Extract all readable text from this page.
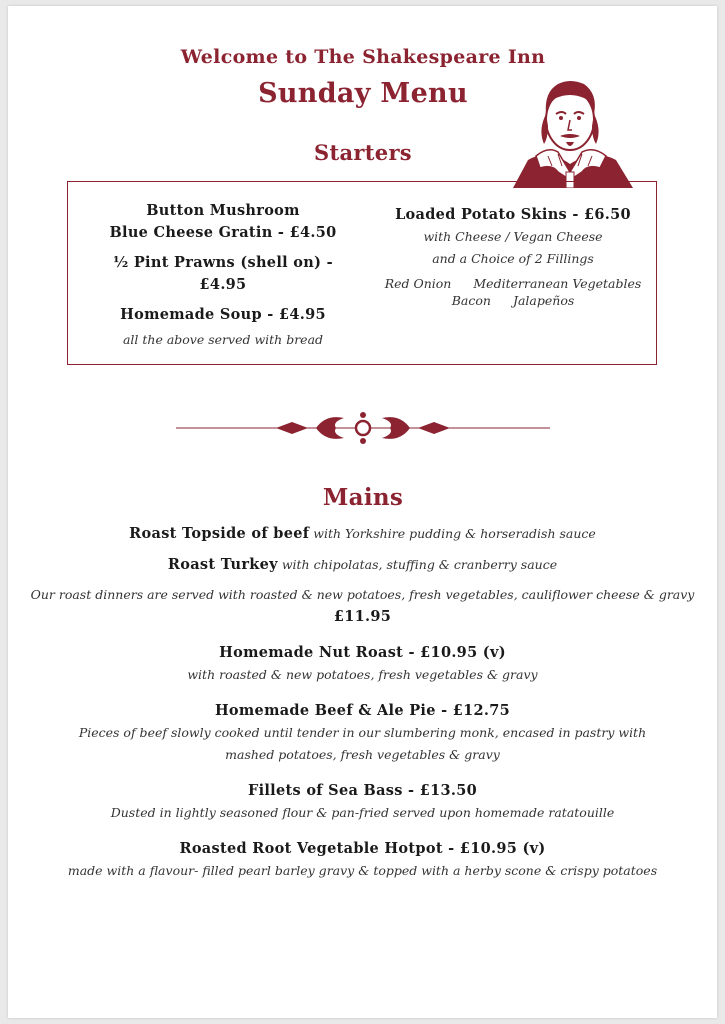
Welcome to The Shakespeare Inn
Sunday Menu
Starters
Button Mushroom
Blue Cheese Gratin - £4.50
½ Pint Prawns (shell on) - £4.95
Homemade Soup - £4.95
all the above served with bread
Loaded Potato Skins - £6.50
with Cheese / Vegan Cheese
and a Choice of 2 Fillings
Red Onion Mediterranean Vegetables
Bacon Jalapeños
Mains
Roast Topside of beef with Yorkshire pudding & horseradish sauce
Roast Turkey with chipolatas, stuffing & cranberry sauce
Our roast dinners are served with roasted & new potatoes, fresh vegetables, cauliflower cheese & gravy
£11.95
Homemade Nut Roast - £10.95 (v)
with roasted & new potatoes, fresh vegetables & gravy
Homemade Beef & Ale Pie - £12.75
Pieces of beef slowly cooked until tender in our slumbering monk, encased in pastry with
mashed potatoes, fresh vegetables & gravy
Fillets of Sea Bass - £13.50
Dusted in lightly seasoned flour & pan-fried served upon homemade ratatouille
Roasted Root Vegetable Hotpot - £10.95 (v)
made with a flavour- filled pearl barley gravy & topped with a herby scone & crispy potatoes
